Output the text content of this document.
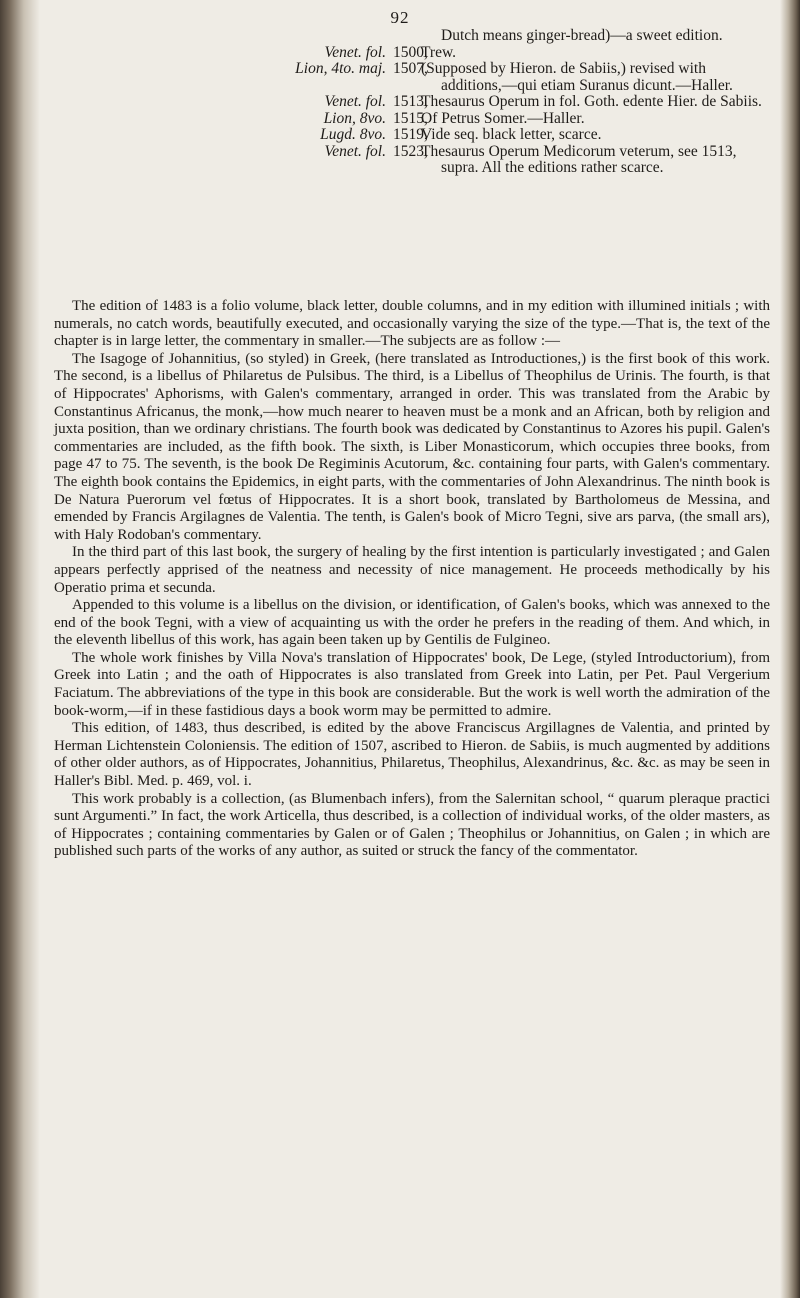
92
Dutch means ginger-bread)—a sweet edition.
Venet. fol. 1500,
Trew.
Lion, 4to. maj. 1507,
(Supposed by Hieron. de Sabiis,) revised with additions,—qui etiam Suranus dicunt.—Haller.
Venet. fol. 1513,
Thesaurus Operum in fol. Goth. edente Hier. de Sabiis.
Lion, 8vo. 1515,
Of Petrus Somer.—Haller.
Lugd. 8vo. 1519,
Vide seq. black letter, scarce.
Venet. fol. 1523,
Thesaurus Operum Medicorum veterum, see 1513, supra. All the editions rather scarce.

The edition of 1483 is a folio volume, black letter, double columns, and in my edition with illumined initials ; with numerals, no catch words, beautifully executed, and occasionally varying the size of the type.—That is, the text of the chapter is in large letter, the commentary in smaller.—The subjects are as follow :—

The Isagoge of Johannitius, (so styled) in Greek, (here translated as Introductiones,) is the first book of this work. The second, is a libellus of Philaretus de Pulsibus. The third, is a Libellus of Theophilus de Urinis. The fourth, is that of Hippocrates' Aphorisms, with Galen's commentary, arranged in order. This was translated from the Arabic by Constantinus Africanus, the monk,—how much nearer to heaven must be a monk and an African, both by religion and juxta position, than we ordinary christians. The fourth book was dedicated by Constantinus to Azores his pupil. Galen's commentaries are included, as the fifth book. The sixth, is Liber Monasticorum, which occupies three books, from page 47 to 75. The seventh, is the book De Regiminis Acutorum, &c. containing four parts, with Galen's commentary. The eighth book contains the Epidemics, in eight parts, with the commentaries of John Alexandrinus. The ninth book is De Natura Puerorum vel fœtus of Hippocrates. It is a short book, translated by Bartholomeus de Messina, and emended by Francis Argilagnes de Valentia. The tenth, is Galen's book of Micro Tegni, sive ars parva, (the small ars), with Haly Rodoban's commentary.

In the third part of this last book, the surgery of healing by the first intention is particularly investigated ; and Galen appears perfectly apprised of the neatness and necessity of nice management. He proceeds methodically by his Operatio prima et secunda.

Appended to this volume is a libellus on the division, or identification, of Galen's books, which was annexed to the end of the book Tegni, with a view of acquainting us with the order he prefers in the reading of them. And which, in the eleventh libellus of this work, has again been taken up by Gentilis de Fulgineo.

The whole work finishes by Villa Nova's translation of Hippocrates' book, De Lege, (styled Introductorium), from Greek into Latin ; and the oath of Hippocrates is also translated from Greek into Latin, per Pet. Paul Vergerium Faciatum. The abbreviations of the type in this book are considerable. But the work is well worth the admiration of the book-worm,—if in these fastidious days a book worm may be permitted to admire.

This edition, of 1483, thus described, is edited by the above Franciscus Argillagnes de Valentia, and printed by Herman Lichtenstein Coloniensis. The edition of 1507, ascribed to Hieron. de Sabiis, is much augmented by additions of other older authors, as of Hippocrates, Johannitius, Philaretus, Theophilus, Alexandrinus, &c. &c. as may be seen in Haller's Bibl. Med. p. 469, vol. i.

This work probably is a collection, (as Blumenbach infers), from the Salernitan school, “ quarum pleraque practici sunt Argumenti.” In fact, the work Articella, thus described, is a collection of individual works, of the older masters, as of Hippocrates ; containing commentaries by Galen or of Galen ; Theophilus or Johannitius, on Galen ; in which are published such parts of the works of any author, as suited or struck the fancy of the commentator.
